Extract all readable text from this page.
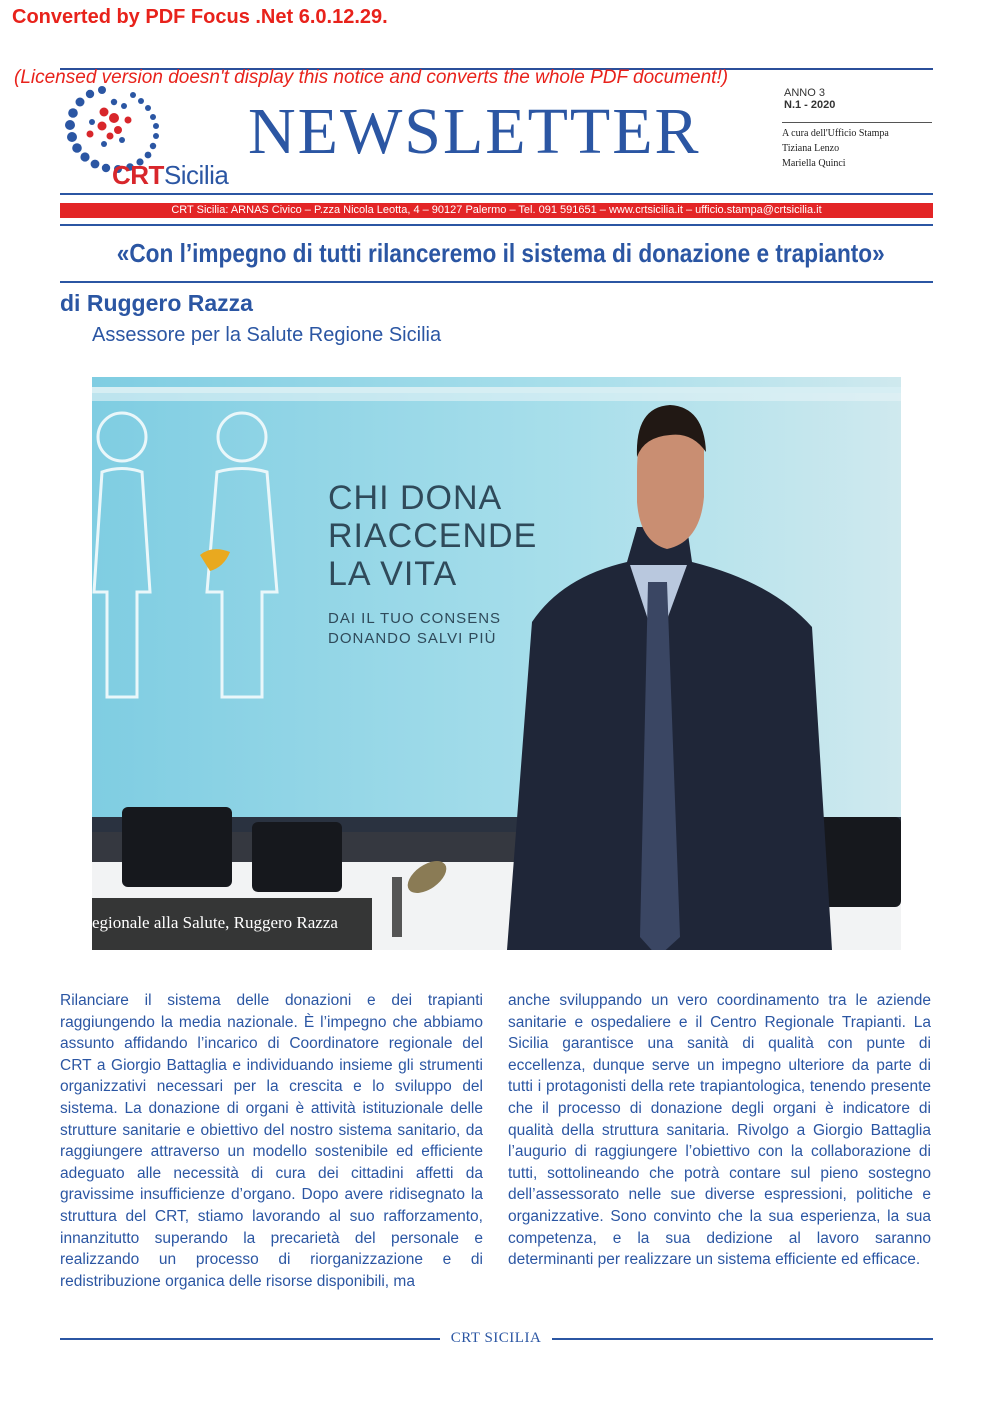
CRTSicilia
NEWSLETTER
ANNO 3
N.1 - 2020
A cura dell'Ufficio Stampa
Tiziana Lenzo
Mariella Quinci
Converted by PDF Focus .Net 6.0.12.29.
(Licensed version doesn't display this notice and converts the whole PDF document!)
CRT Sicilia: ARNAS Civico – P.zza Nicola Leotta, 4 – 90127 Palermo – Tel. 091 591651 – www.crtsicilia.it – ufficio.stampa@crtsicilia.it
«Con l’impegno di tutti rilanceremo il sistema di donazione e trapianto»
di Ruggero Razza
Assessore per la Salute Regione Sicilia
CHI DONA
RIACCENDE
LA VITA
DAI IL TUO CONSENS
DONANDO SALVI PIÙ
egionale alla Salute, Ruggero Razza
Rilanciare il sistema delle donazioni e dei trapianti raggiungendo la media nazionale. È l’impegno che abbiamo assunto affidando l’incarico di Coordinatore regionale del CRT a Giorgio Battaglia e individuando insieme gli strumenti organizzativi necessari per la crescita e lo sviluppo del sistema. La donazione di organi è attività istituzionale delle strutture sanitarie e obiettivo del nostro sistema sanitario, da raggiungere attraverso un modello sostenibile ed efficiente adeguato alle necessità di cura dei cittadini affetti da gravissime insufficienze d’organo. Dopo avere ridisegnato la struttura del CRT, stiamo lavorando al suo rafforzamento, innanzitutto superando la precarietà del personale e realizzando un processo di riorganizzazione e di redistribuzione organica delle risorse disponibili, ma
anche sviluppando un vero coordinamento tra le aziende sanitarie e ospedaliere e il Centro Regionale Trapianti. La Sicilia garantisce una sanità di qualità con punte di eccellenza, dunque serve un impegno ulteriore da parte di tutti i protagonisti della rete trapiantologica, tenendo presente che il processo di donazione degli organi è indicatore di qualità della struttura sanitaria. Rivolgo a Giorgio Battaglia l’augurio di raggiungere l’obiettivo con la collaborazione di tutti, sottolineando che potrà contare sul pieno sostegno dell’assessorato nelle sue diverse espressioni, politiche e organizzative. Sono convinto che la sua esperienza, la sua competenza, e la sua dedizione al lavoro saranno determinanti per realizzare un sistema efficiente ed efficace.
CRT SICILIA
